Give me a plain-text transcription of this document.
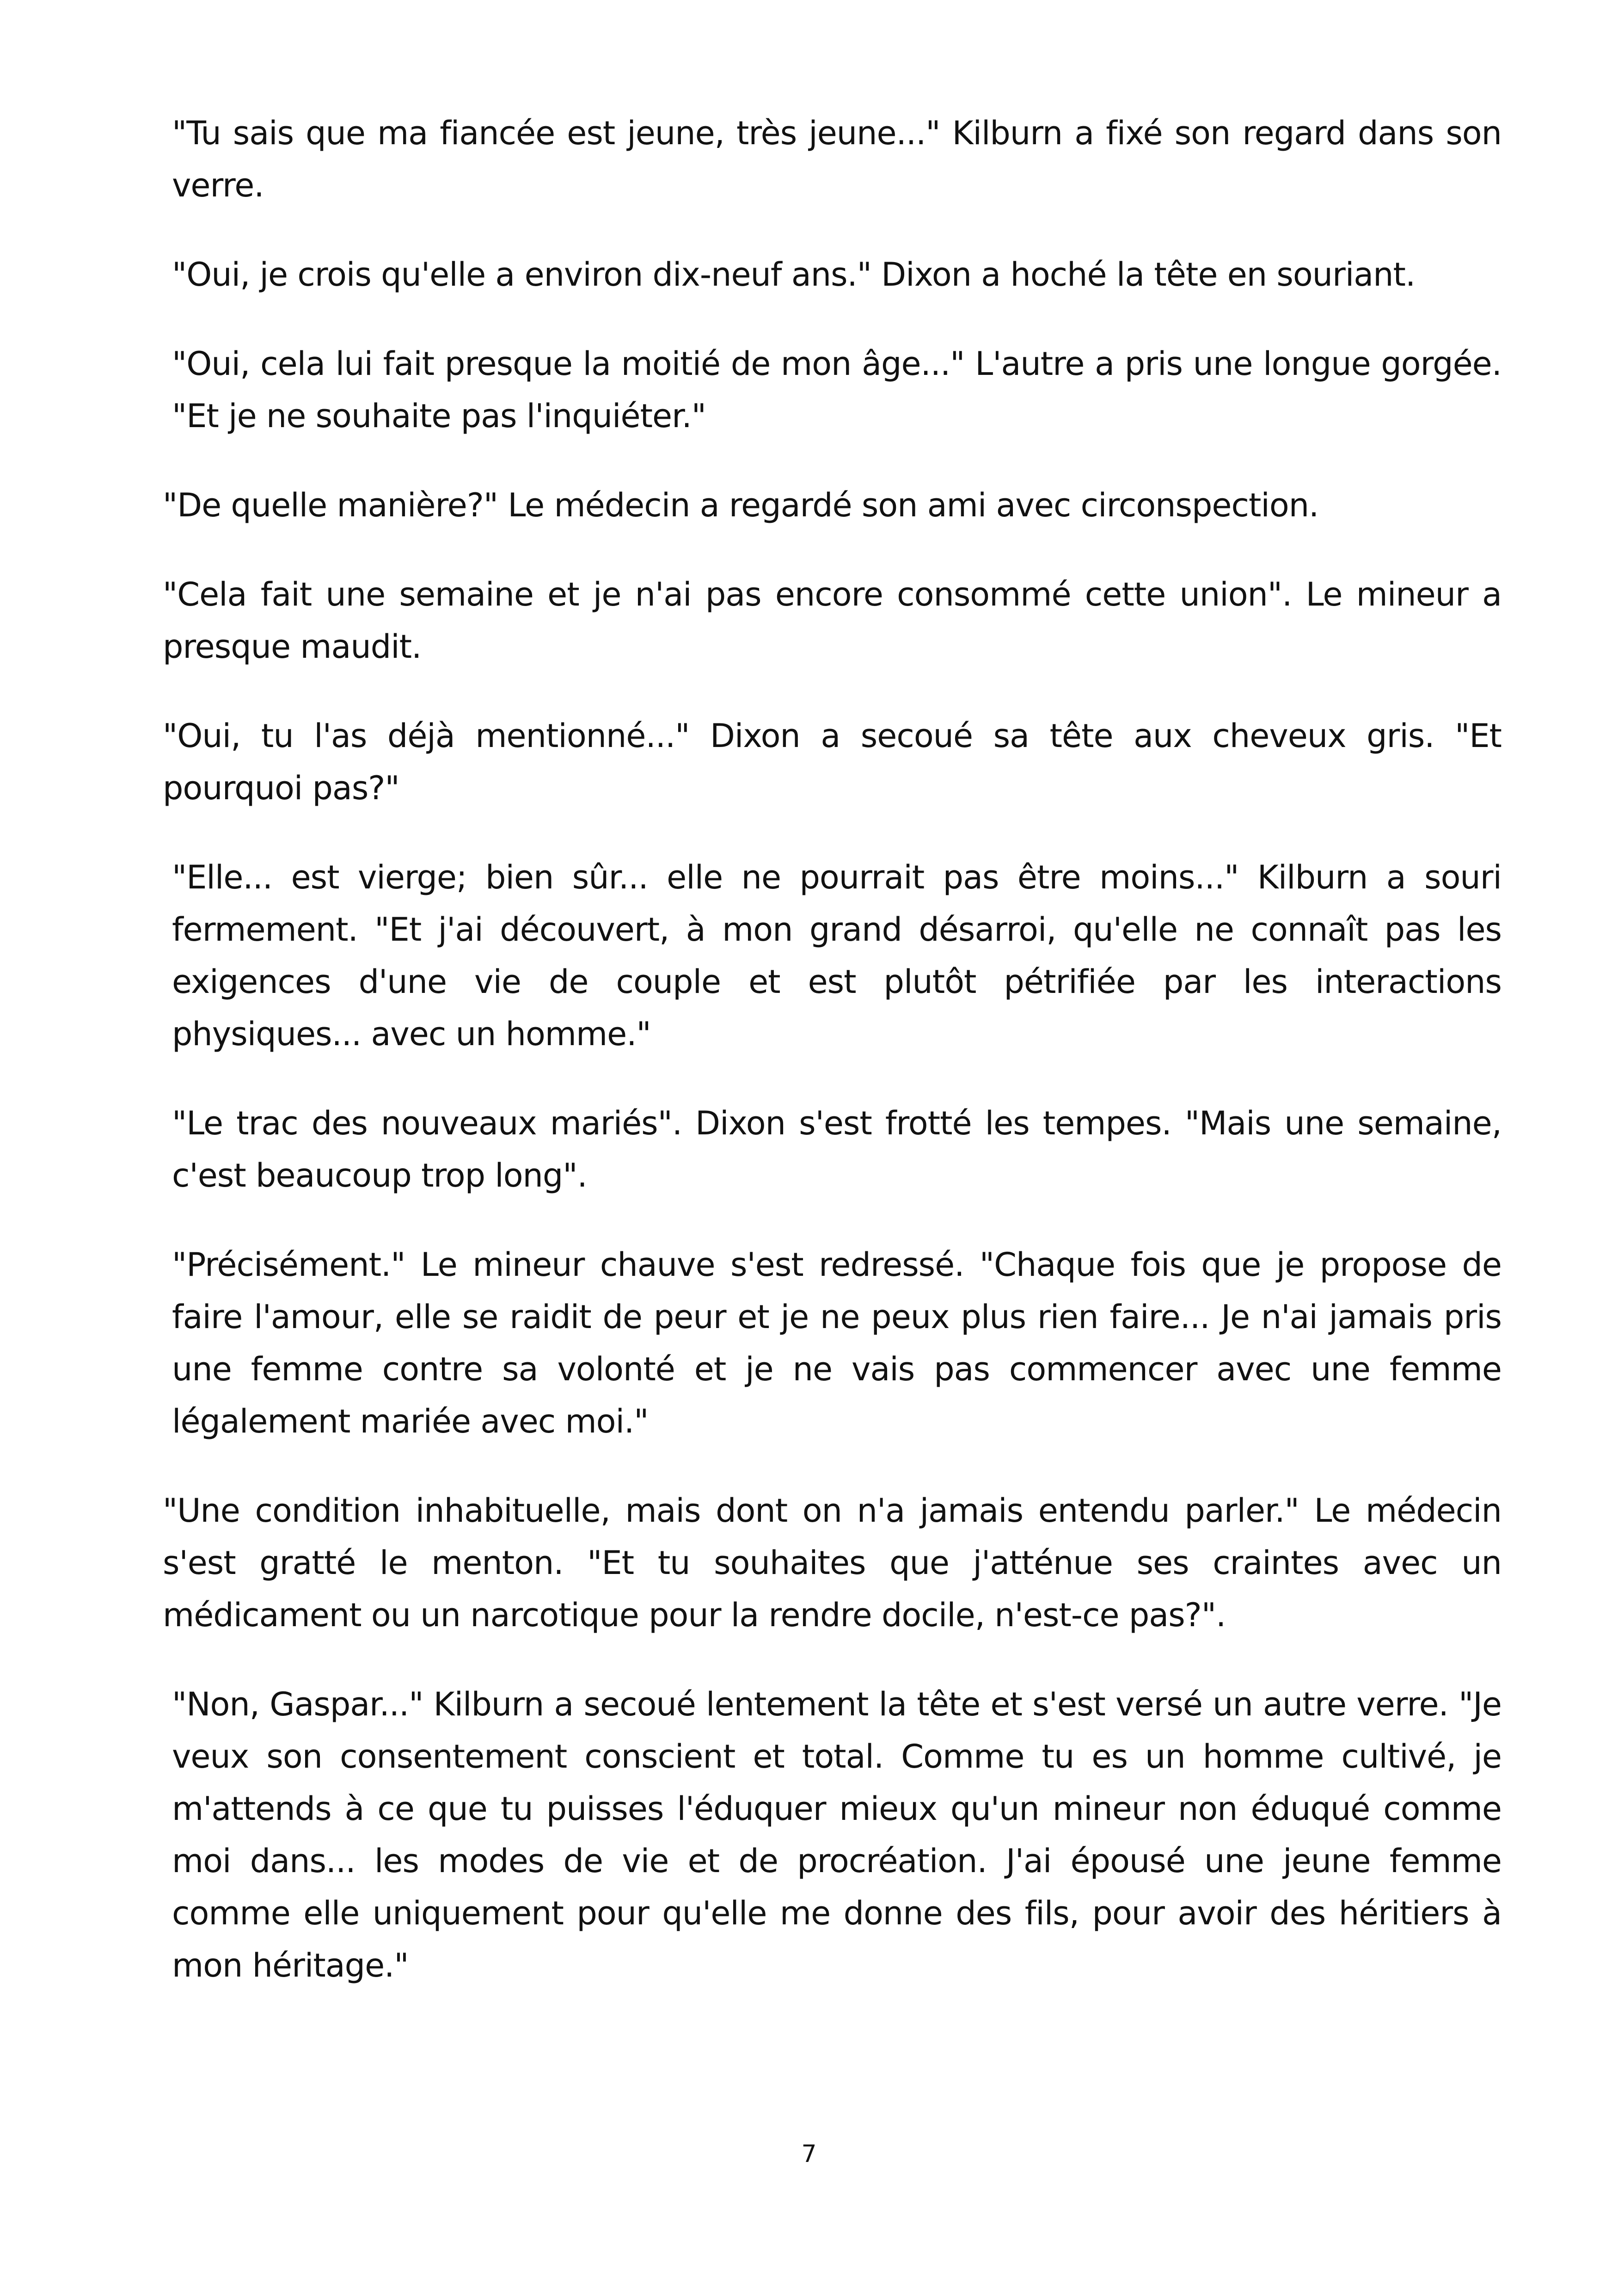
"Tu sais que ma fiancée est jeune, très jeune..." Kilburn a fixé son regard dans son verre.

"Oui, je crois qu'elle a environ dix-neuf ans." Dixon a hoché la tête en souriant.

"Oui, cela lui fait presque la moitié de mon âge..." L'autre a pris une longue gorgée. "Et je ne souhaite pas l'inquiéter."

"De quelle manière?" Le médecin a regardé son ami avec circonspection.

"Cela fait une semaine et je n'ai pas encore consommé cette union". Le mineur a presque maudit.

"Oui, tu l'as déjà mentionné..." Dixon a secoué sa tête aux cheveux gris. "Et pourquoi pas?"

"Elle... est vierge; bien sûr... elle ne pourrait pas être moins..." Kilburn a souri fermement. "Et j'ai découvert, à mon grand désarroi, qu'elle ne connaît pas les exigences d'une vie de couple et est plutôt pétrifiée par les interactions physiques... avec un homme."

"Le trac des nouveaux mariés". Dixon s'est frotté les tempes. "Mais une semaine, c'est beaucoup trop long".

"Précisément." Le mineur chauve s'est redressé. "Chaque fois que je propose de faire l'amour, elle se raidit de peur et je ne peux plus rien faire... Je n'ai jamais pris une femme contre sa volonté et je ne vais pas commencer avec une femme légalement mariée avec moi."

"Une condition inhabituelle, mais dont on n'a jamais entendu parler." Le médecin s'est gratté le menton. "Et tu souhaites que j'atténue ses craintes avec un médicament ou un narcotique pour la rendre docile, n'est-ce pas?".

"Non, Gaspar..." Kilburn a secoué lentement la tête et s'est versé un autre verre. "Je veux son consentement conscient et total. Comme tu es un homme cultivé, je m'attends à ce que tu puisses l'éduquer mieux qu'un mineur non éduqué comme moi dans... les modes de vie et de procréation. J'ai épousé une jeune femme comme elle uniquement pour qu'elle me donne des fils, pour avoir des héritiers à mon héritage."

7
